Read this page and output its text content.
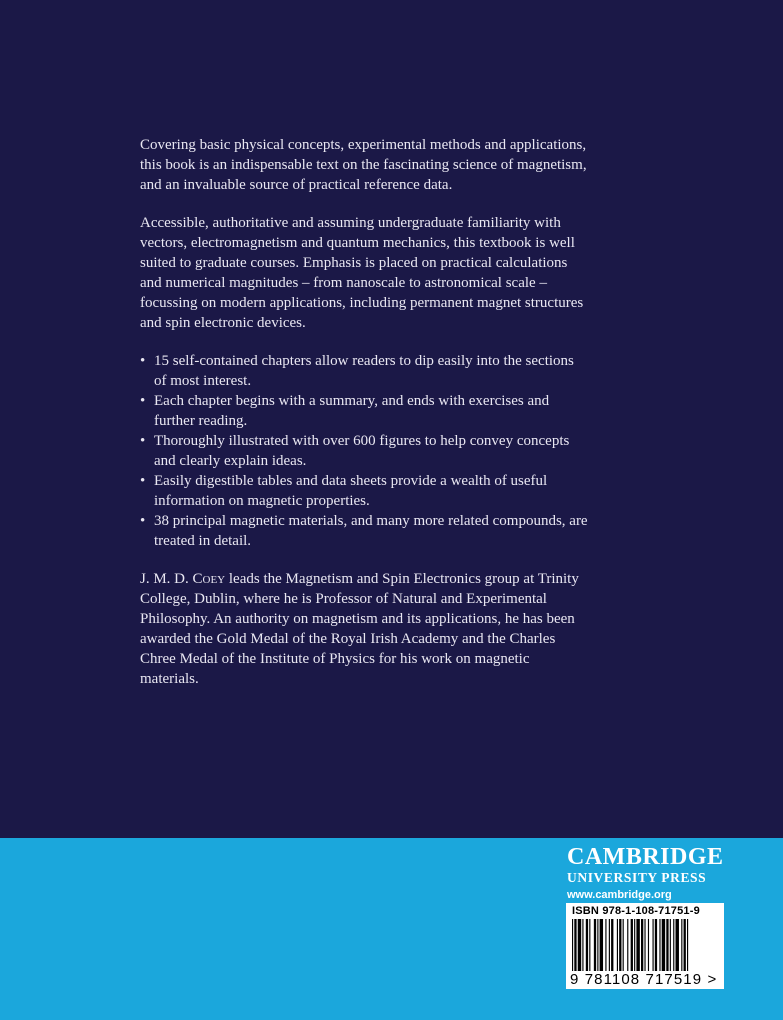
Covering basic physical concepts, experimental methods and applications, this book is an indispensable text on the fascinating science of magnetism, and an invaluable source of practical reference data.

Accessible, authoritative and assuming undergraduate familiarity with vectors, electromagnetism and quantum mechanics, this textbook is well suited to graduate courses. Emphasis is placed on practical calculations and numerical magnitudes – from nanoscale to astronomical scale – focussing on modern applications, including permanent magnet structures and spin electronic devices.

• 15 self-contained chapters allow readers to dip easily into the sections of most interest.
• Each chapter begins with a summary, and ends with exercises and further reading.
• Thoroughly illustrated with over 600 figures to help convey concepts and clearly explain ideas.
• Easily digestible tables and data sheets provide a wealth of useful information on magnetic properties.
• 38 principal magnetic materials, and many more related compounds, are treated in detail.

J. M. D. Coey leads the Magnetism and Spin Electronics group at Trinity College, Dublin, where he is Professor of Natural and Experimental Philosophy. An authority on magnetism and its applications, he has been awarded the Gold Medal of the Royal Irish Academy and the Charles Chree Medal of the Institute of Physics for his work on magnetic materials.

CAMBRIDGE
UNIVERSITY PRESS
www.cambridge.org
ISBN 978-1-108-71751-9
9 781108 717519 >
